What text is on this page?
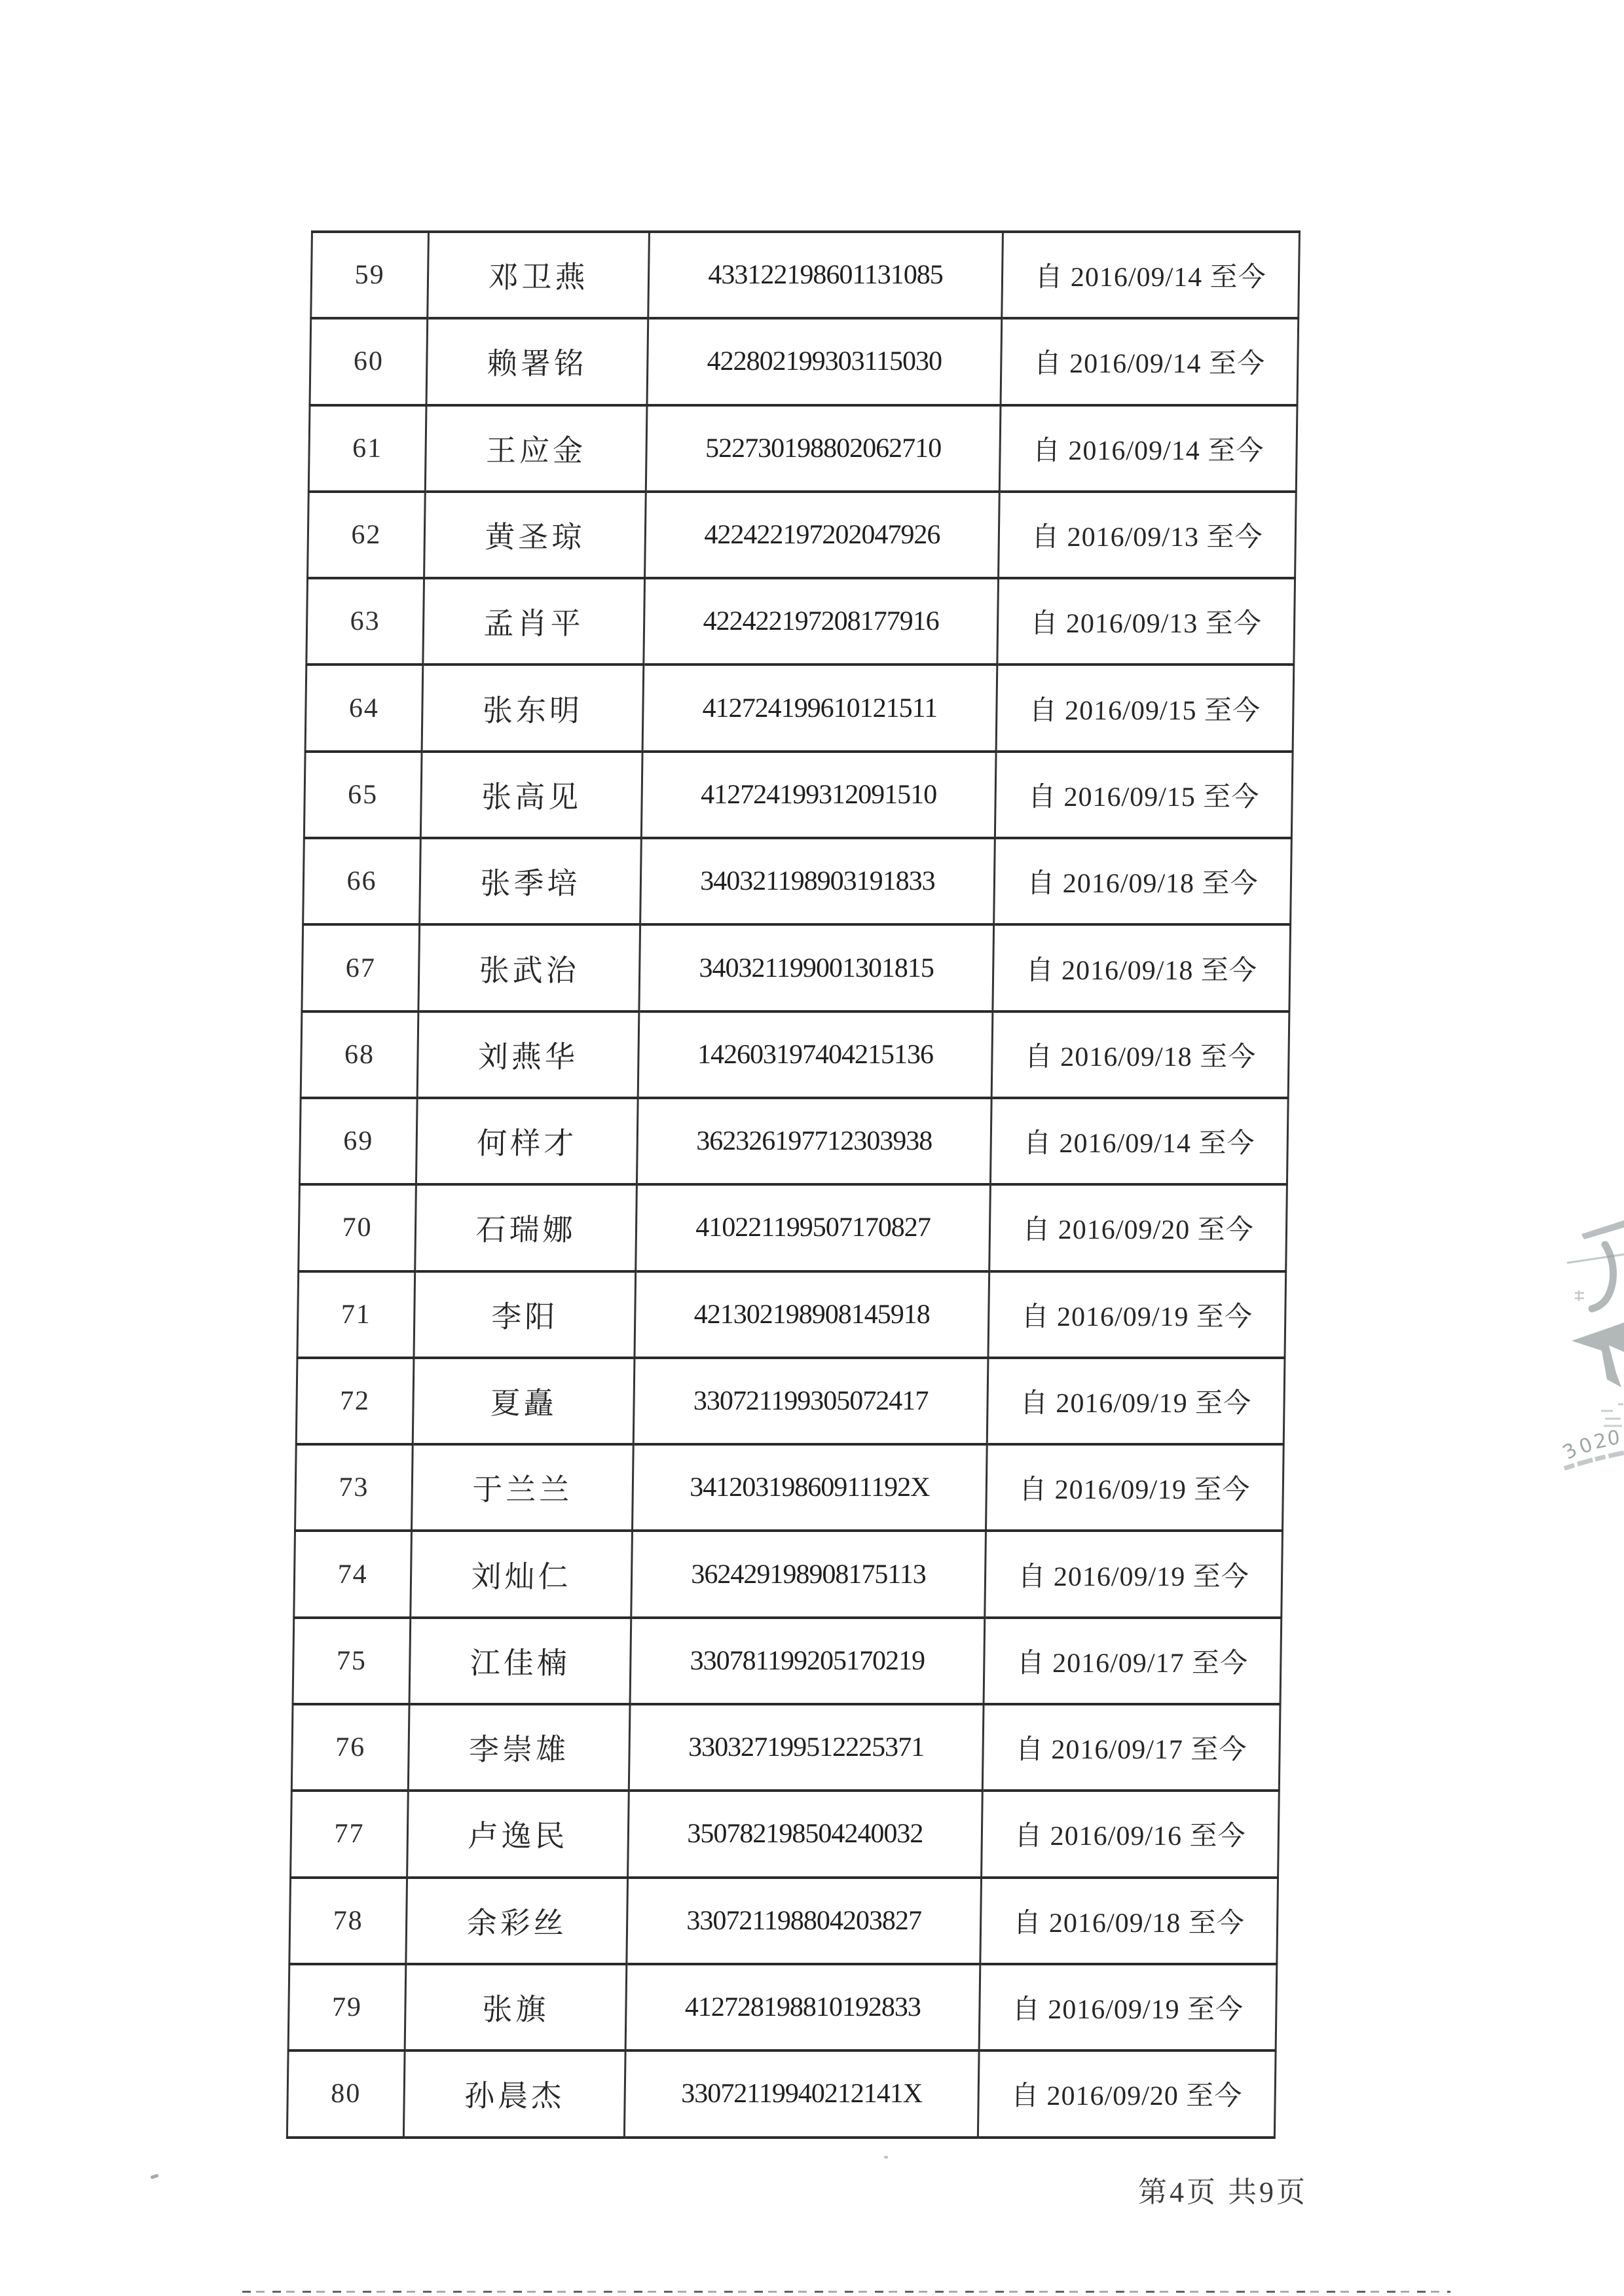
59	邓卫燕	433122198601131085	自 2016/09/14 至今
60	赖署铭	422802199303115030	自 2016/09/14 至今
61	王应金	522730198802062710	自 2016/09/14 至今
62	黄圣琼	422422197202047926	自 2016/09/13 至今
63	孟肖平	422422197208177916	自 2016/09/13 至今
64	张东明	412724199610121511	自 2016/09/15 至今
65	张高见	412724199312091510	自 2016/09/15 至今
66	张季培	340321198903191833	自 2016/09/18 至今
67	张武治	340321199001301815	自 2016/09/18 至今
68	刘燕华	142603197404215136	自 2016/09/18 至今
69	何样才	362326197712303938	自 2016/09/14 至今
70	石瑞娜	410221199507170827	自 2016/09/20 至今
71	李阳	421302198908145918	自 2016/09/19 至今
72	夏矗	330721199305072417	自 2016/09/19 至今
73	于兰兰	34120319860911192X	自 2016/09/19 至今
74	刘灿仁	362429198908175113	自 2016/09/19 至今
75	江佳楠	330781199205170219	自 2016/09/17 至今
76	李崇雄	330327199512225371	自 2016/09/17 至今
77	卢逸民	350782198504240032	自 2016/09/16 至今
78	余彩丝	330721198804203827	自 2016/09/18 至今
79	张旗	412728198810192833	自 2016/09/19 至今
80	孙晨杰	33072119940212141X	自 2016/09/20 至今
第4页 共9页
3
0
2
0
